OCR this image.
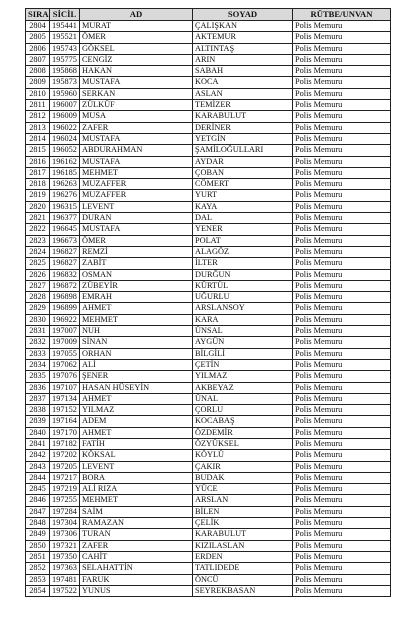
SIRA	SİCİL	AD	SOYAD	RÜTBE/UNVAN
2804	195441	MURAT	ÇALIŞKAN	Polis Memuru
2805	195521	ÖMER	AKTEMUR	Polis Memuru
2806	195743	GÖKSEL	ALTINTAŞ	Polis Memuru
2807	195775	CENGİZ	ARIN	Polis Memuru
2808	195868	HAKAN	SABAH	Polis Memuru
2809	195873	MUSTAFA	KOCA	Polis Memuru
2810	195960	SERKAN	ASLAN	Polis Memuru
2811	196007	ZÜLKÜF	TEMİZER	Polis Memuru
2812	196009	MUSA	KARABULUT	Polis Memuru
2813	196022	ZAFER	DERİNER	Polis Memuru
2814	196024	MUSTAFA	YETGİN	Polis Memuru
2815	196052	ABDURAHMAN	ŞAMİLOĞULLARI	Polis Memuru
2816	196162	MUSTAFA	AYDAR	Polis Memuru
2817	196185	MEHMET	ÇOBAN	Polis Memuru
2818	196263	MUZAFFER	CÖMERT	Polis Memuru
2819	196276	MUZAFFER	YURT	Polis Memuru
2820	196315	LEVENT	KAYA	Polis Memuru
2821	196377	DURAN	DAL	Polis Memuru
2822	196645	MUSTAFA	YENER	Polis Memuru
2823	196673	ÖMER	POLAT	Polis Memuru
2824	196827	REMZİ	ALAGÖZ	Polis Memuru
2825	196827	ZABİT	İLTER	Polis Memuru
2826	196832	OSMAN	DURĞUN	Polis Memuru
2827	196872	ZÜBEYİR	KÜRTÜL	Polis Memuru
2828	196898	EMRAH	UĞURLU	Polis Memuru
2829	196899	AHMET	ARSLANSOY	Polis Memuru
2830	196922	MEHMET	KARA	Polis Memuru
2831	197007	NUH	ÜNSAL	Polis Memuru
2832	197009	SİNAN	AYGÜN	Polis Memuru
2833	197055	ORHAN	BİLGİLİ	Polis Memuru
2834	197062	ALİ	ÇETİN	Polis Memuru
2835	197076	ŞENER	YILMAZ	Polis Memuru
2836	197107	HASAN HÜSEYİN	AKBEYAZ	Polis Memuru
2837	197134	AHMET	ÜNAL	Polis Memuru
2838	197152	YILMAZ	ÇORLU	Polis Memuru
2839	197164	ADEM	KOCABAŞ	Polis Memuru
2840	197170	AHMET	ÖZDEMİR	Polis Memuru
2841	197182	FATİH	ÖZYÜKSEL	Polis Memuru
2842	197202	KÖKSAL	KÖYLÜ	Polis Memuru
2843	197205	LEVENT	ÇAKIR	Polis Memuru
2844	197217	BORA	BUDAK	Polis Memuru
2845	197219	ALİ RIZA	YÜCE	Polis Memuru
2846	197255	MEHMET	ARSLAN	Polis Memuru
2847	197284	SAİM	BİLEN	Polis Memuru
2848	197304	RAMAZAN	ÇELİK	Polis Memuru
2849	197306	TURAN	KARABULUT	Polis Memuru
2850	197321	ZAFER	KIZILASLAN	Polis Memuru
2851	197350	CAHİT	ERDEN	Polis Memuru
2852	197363	SELAHATTİN	TATLIDEDE	Polis Memuru
2853	197481	FARUK	ÖNCÜ	Polis Memuru
2854	197522	YUNUS	SEYREKBASAN	Polis Memuru
